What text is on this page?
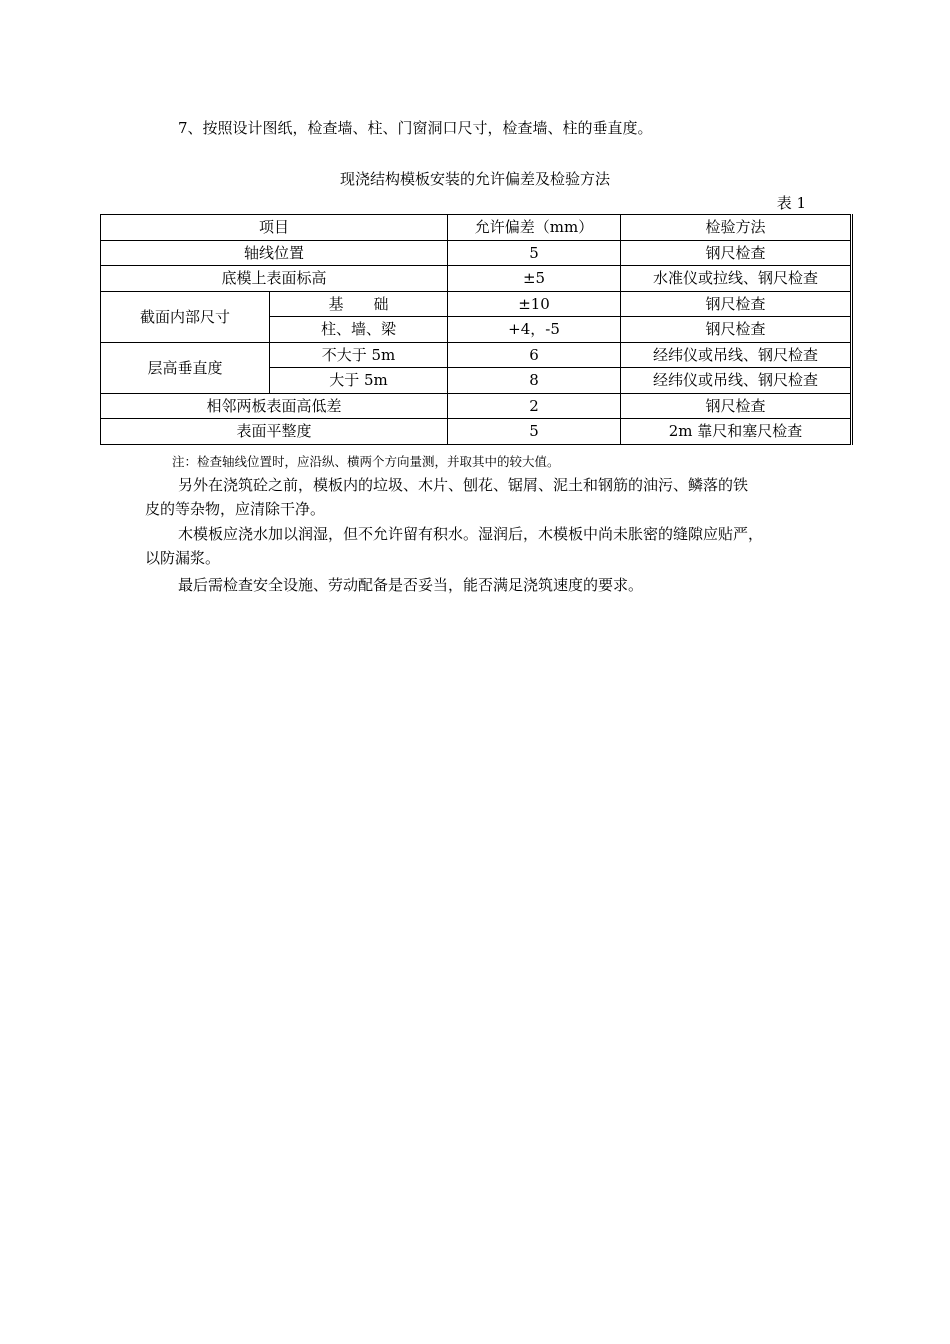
7、按照设计图纸，检查墙、柱、门窗洞口尺寸，检查墙、柱的垂直度。
现浇结构模板安装的允许偏差及检验方法
表 1
项目		允许偏差（mm）	检验方法
轴线位置		5	钢尺检查
底模上表面标高		±5	水准仪或拉线、钢尺检查
截面内部尺寸	基　　础	±10	钢尺检查
	柱、墙、梁	+4，-5	钢尺检查
层高垂直度	不大于 5m	6	经纬仪或吊线、钢尺检查
	大于 5m	8	经纬仪或吊线、钢尺检查
相邻两板表面高低差		2	钢尺检查
表面平整度		5	2m 靠尺和塞尺检查
注：检查轴线位置时，应沿纵、横两个方向量测，并取其中的较大值。
另外在浇筑砼之前，模板内的垃圾、木片、刨花、锯屑、泥土和钢筋的油污、鳞落的铁
皮的等杂物，应清除干净。
木模板应浇水加以润湿，但不允许留有积水。湿润后，木模板中尚未胀密的缝隙应贴严，
以防漏浆。
最后需检查安全设施、劳动配备是否妥当，能否满足浇筑速度的要求。
